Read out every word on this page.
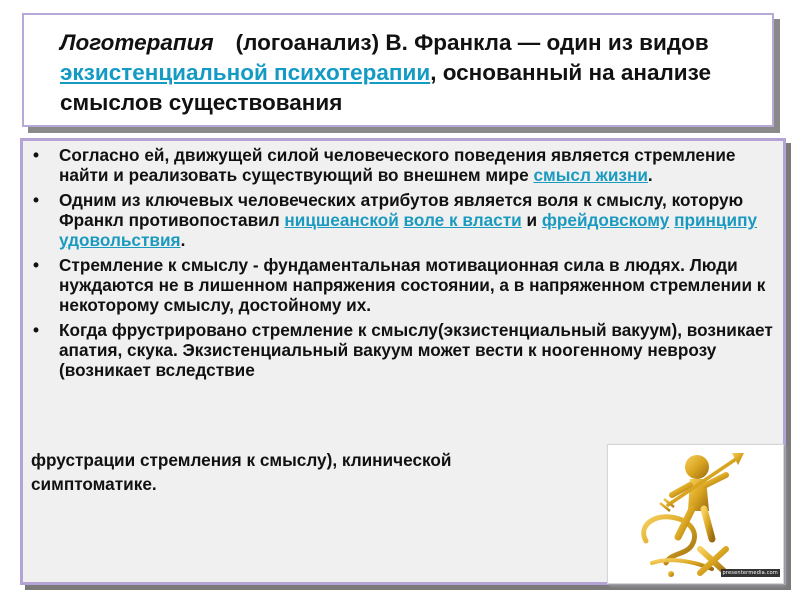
Логотерапия (логоанализ) В. Франкла — один из видов экзистенциальной психотерапии, основанный на анализе смыслов существования

• Согласно ей, движущей силой человеческого поведения является стремление найти и реализовать существующий во внешнем мире смысл жизни.
• Одним из ключевых человеческих атрибутов является воля к смыслу, которую Франкл противопоставил ницшеанской воле к власти и фрейдовскому принципу удовольствия.
• Стремление к смыслу - фундаментальная мотивационная сила в людях. Люди нуждаются не в лишенном напряжения состоянии, а в напряженном стремлении к некоторому смыслу, достойному их.
• Когда фрустрировано стремление к смыслу(экзистенциальный вакуум), возникает апатия, скука. Экзистенциальный вакуум может вести к ноогенному неврозу (возникает вследствие
фрустрации стремления к смыслу), клинической
симптоматике.
presentermedia.com
